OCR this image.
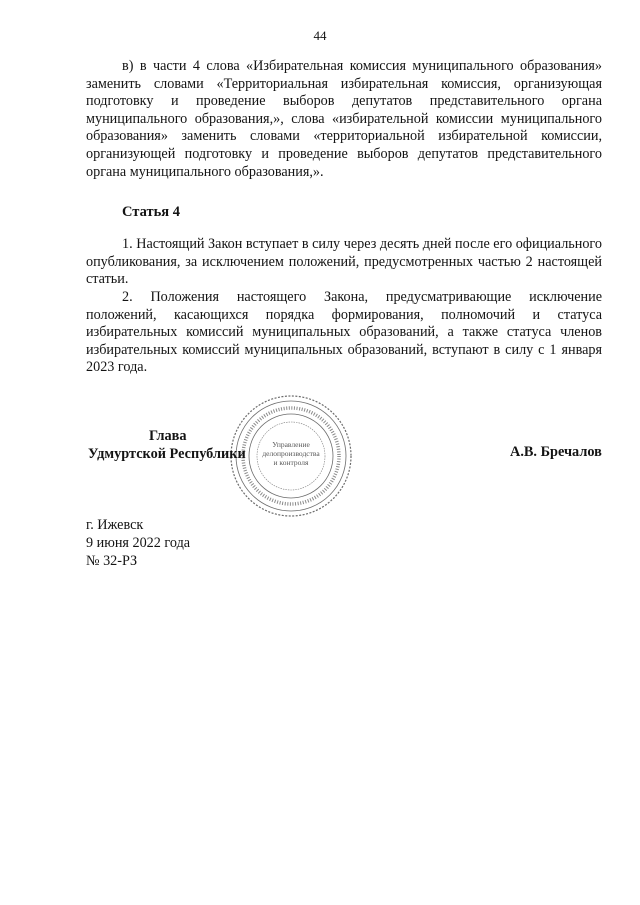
44

в) в части 4 слова «Избирательная комиссия муниципального образования» заменить словами «Территориальная избирательная комиссия, организующая подготовку и проведение выборов депутатов представительного органа муниципального образования,», слова «избирательной комиссии муниципального образования» заменить словами «территориальной избирательной комиссии, организующей подготовку и проведение выборов депутатов представительного органа муниципального образования,».

Статья 4

1. Настоящий Закон вступает в силу через десять дней после его официального опубликования, за исключением положений, предусмотренных частью 2 настоящей статьи.

2. Положения настоящего Закона, предусматривающие исключение положений, касающихся порядка формирования, полномочий и статуса избирательных комиссий муниципальных образований, а также статуса членов избирательных комиссий муниципальных образований, вступают в силу с 1 января 2023 года.

Управление
делопроизводства
и контроля
Глава
Удмуртской Республики	А.В. Бречалов
г. Ижевск
9 июня 2022 года
№ 32-РЗ
